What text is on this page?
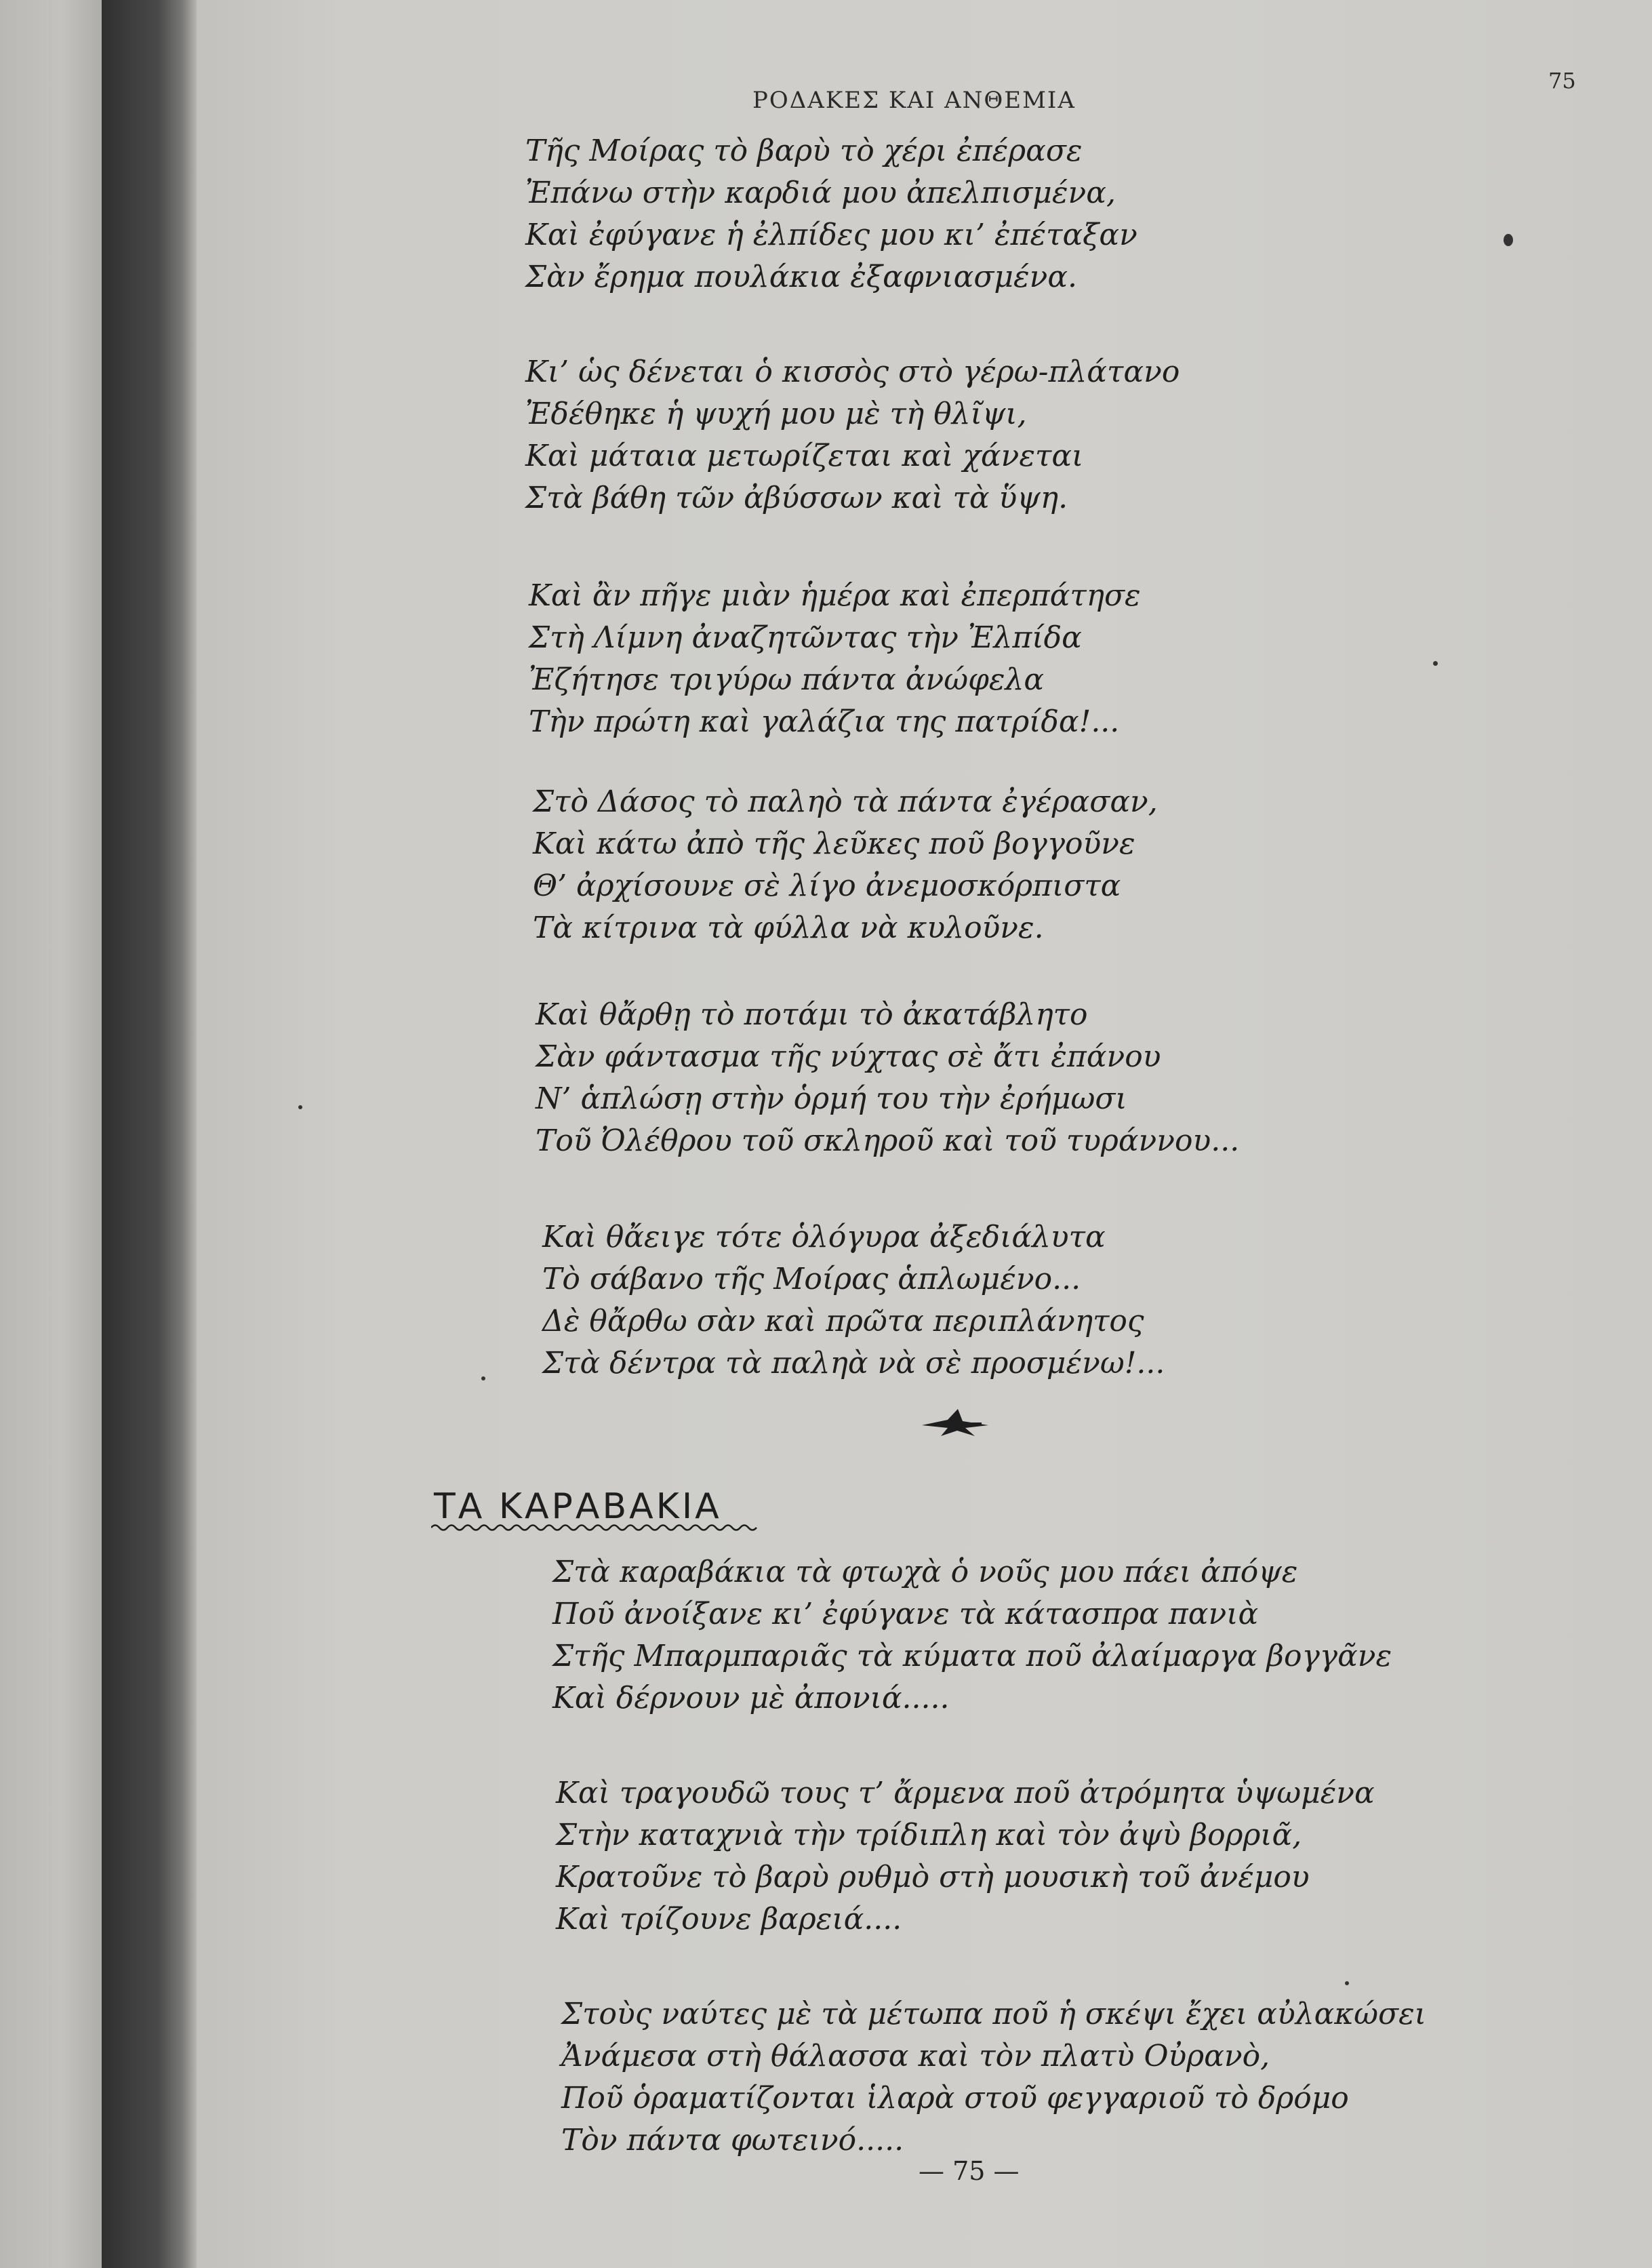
ΡΟΔΑΚΕΣ ΚΑΙ ΑΝΘΕΜΙΑ
75
Τῆς Μοίρας τὸ βαρὺ τὸ χέρι ἐπέρασε
Ἐπάνω στὴν καρδιά μου ἀπελπισμένα,
Καὶ ἐφύγανε ἡ ἐλπίδες μου κι’ ἐπέταξαν
Σὰν ἔρημα πουλάκια ἐξαφνιασμένα.
Κι’ ὡς δένεται ὁ κισσὸς στὸ γέρω-πλάτανο
Ἐδέθηκε ἡ ψυχή μου μὲ τὴ θλῖψι,
Καὶ μάταια μετωρίζεται καὶ χάνεται
Στὰ βάθη τῶν ἀβύσσων καὶ τὰ ὕψη.
Καὶ ἂν πῆγε μιὰν ἡμέρα καὶ ἐπερπάτησε
Στὴ Λίμνη ἀναζητῶντας τὴν Ἐλπίδα
Ἐζήτησε τριγύρω πάντα ἀνώφελα
Τὴν πρώτη καὶ γαλάζια της πατρίδα!...
Στὸ Δάσος τὸ παληὸ τὰ πάντα ἐγέρασαν,
Καὶ κάτω ἀπὸ τῆς λεῦκες ποῦ βογγοῦνε
Θ’ ἀρχίσουνε σὲ λίγο ἀνεμοσκόρπιστα
Τὰ κίτρινα τὰ φύλλα νὰ κυλοῦνε.
Καὶ θἄρθῃ τὸ ποτάμι τὸ ἀκατάβλητο
Σὰν φάντασμα τῆς νύχτας σὲ ἄτι ἐπάνου
Ν’ ἁπλώσῃ στὴν ὁρμή του τὴν ἐρήμωσι
Τοῦ Ὀλέθρου τοῦ σκληροῦ καὶ τοῦ τυράννου...
Καὶ θἄειγε τότε ὁλόγυρα ἀξεδιάλυτα
Τὸ σάβανο τῆς Μοίρας ἁπλωμένο...
Δὲ θἄρθω σὰν καὶ πρῶτα περιπλάνητος
Στὰ δέντρα τὰ παληὰ νὰ σὲ προσμένω!...
ΤΑ ΚΑΡΑΒΑΚΙΑ
Στὰ καραβάκια τὰ φτωχὰ ὁ νοῦς μου πάει ἀπόψε
Ποῦ ἀνοίξανε κι’ ἐφύγανε τὰ κάτασπρα πανιὰ
Στῆς Μπαρμπαριᾶς τὰ κύματα ποῦ ἀλαίμαργα βογγᾶνε
Καὶ δέρνουν μὲ ἀπονιά.....
Καὶ τραγουδῶ τους τ’ ἄρμενα ποῦ ἀτρόμητα ὑψωμένα
Στὴν καταχνιὰ τὴν τρίδιπλη καὶ τὸν ἀψὺ βορριᾶ,
Κρατοῦνε τὸ βαρὺ ρυθμὸ στὴ μουσικὴ τοῦ ἀνέμου
Καὶ τρίζουνε βαρειά....
Στοὺς ναύτες μὲ τὰ μέτωπα ποῦ ἡ σκέψι ἔχει αὐλακώσει
Ἀνάμεσα στὴ θάλασσα καὶ τὸν πλατὺ Οὐρανὸ,
Ποῦ ὁραματίζονται ἱλαρὰ στοῦ φεγγαριοῦ τὸ δρόμο
Τὸν πάντα φωτεινό.....
— 75 —
